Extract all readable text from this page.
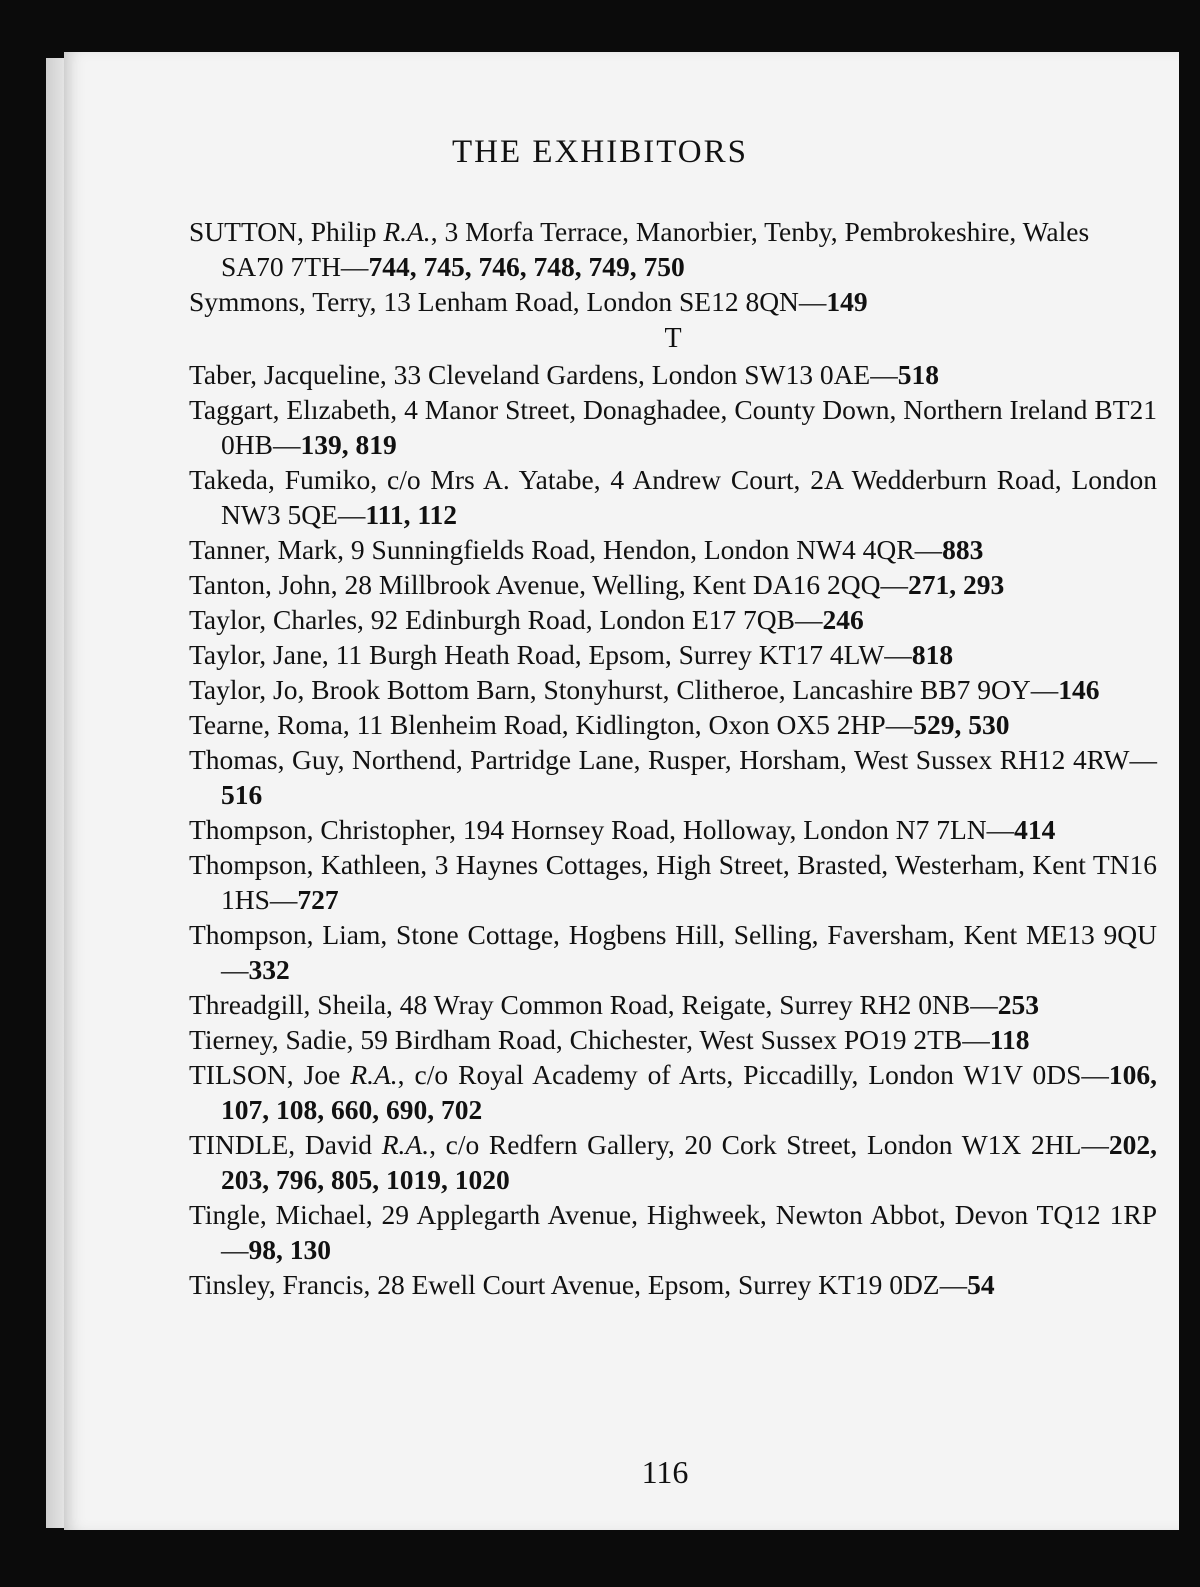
THE EXHIBITORS
SUTTON, Philip R.A., 3 Morfa Terrace, Manorbier, Tenby, Pembrokeshire, Wales SA70 7TH—744, 745, 746, 748, 749, 750
Symmons, Terry, 13 Lenham Road, London SE12 8QN—149
T
Taber, Jacqueline, 33 Cleveland Gardens, London SW13 0AE—518
Taggart, Elızabeth, 4 Manor Street, Donaghadee, County Down, Northern Ireland BT21 0HB—139, 819
Takeda, Fumiko, c/o Mrs A. Yatabe, 4 Andrew Court, 2A Wedderburn Road, London NW3 5QE—111, 112
Tanner, Mark, 9 Sunningfields Road, Hendon, London NW4 4QR—883
Tanton, John, 28 Millbrook Avenue, Welling, Kent DA16 2QQ—271, 293
Taylor, Charles, 92 Edinburgh Road, London E17 7QB—246
Taylor, Jane, 11 Burgh Heath Road, Epsom, Surrey KT17 4LW—818
Taylor, Jo, Brook Bottom Barn, Stonyhurst, Clitheroe, Lancashire BB7 9OY—146
Tearne, Roma, 11 Blenheim Road, Kidlington, Oxon OX5 2HP—529, 530
Thomas, Guy, Northend, Partridge Lane, Rusper, Horsham, West Sussex RH12 4RW—516
Thompson, Christopher, 194 Hornsey Road, Holloway, London N7 7LN—414
Thompson, Kathleen, 3 Haynes Cottages, High Street, Brasted, Westerham, Kent TN16 1HS—727
Thompson, Liam, Stone Cottage, Hogbens Hill, Selling, Faversham, Kent ME13 9QU—332
Threadgill, Sheila, 48 Wray Common Road, Reigate, Surrey RH2 0NB—253
Tierney, Sadie, 59 Birdham Road, Chichester, West Sussex PO19 2TB—118
TILSON, Joe R.A., c/o Royal Academy of Arts, Piccadilly, London W1V 0DS—106, 107, 108, 660, 690, 702
TINDLE, David R.A., c/o Redfern Gallery, 20 Cork Street, London W1X 2HL—202, 203, 796, 805, 1019, 1020
Tingle, Michael, 29 Applegarth Avenue, Highweek, Newton Abbot, Devon TQ12 1RP—98, 130
Tinsley, Francis, 28 Ewell Court Avenue, Epsom, Surrey KT19 0DZ—54
116
